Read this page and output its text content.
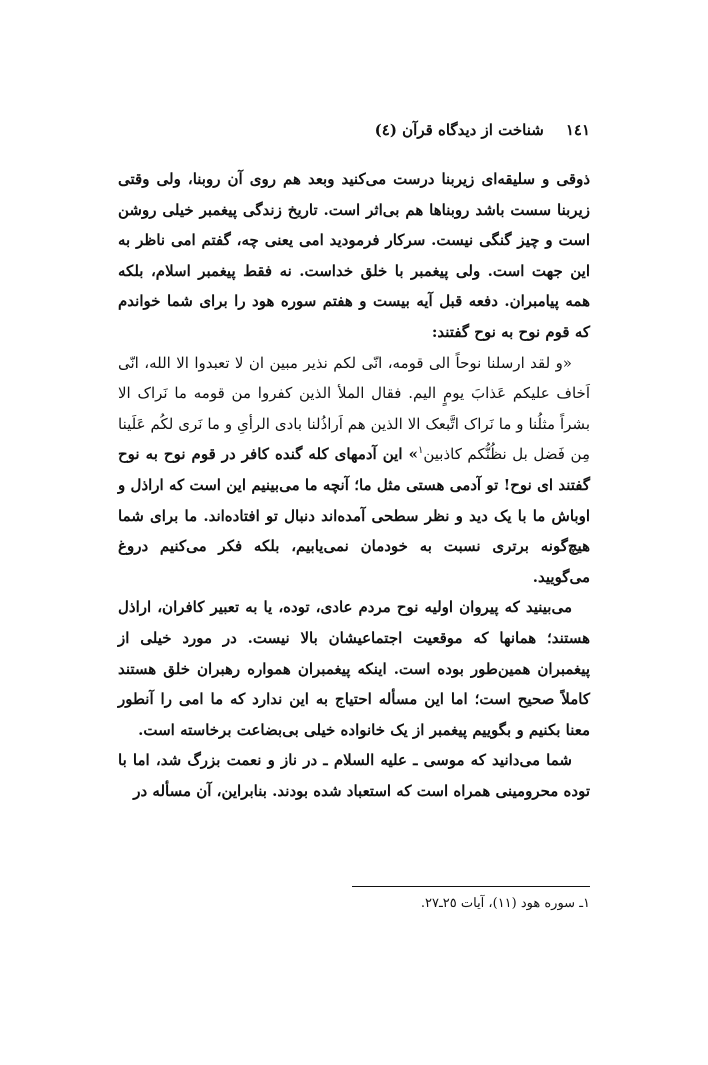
١٤١شناخت از دیدگاه قرآن (٤)

ذوقی و سلیقه‌ای زیربنا درست می‌کنید وبعد هم روی آن روبنا، ولی وقتی زیربنا سست باشد روبناها هم بی‌اثر است. تاریخ زندگی پیغمبر خیلی روشن است و چیز گنگی نیست. سرکار فرمودید امی یعنی چه، گفتم امی ناظر به این جهت است. ولی پیغمبر با خلق خداست. نه فقط پیغمبر اسلام، بلکه همه پیامبران. دفعه قبل آیه بیست و هفتم سوره هود را برای شما خواندم که قوم نوح به نوح گفتند:

«و لقد ارسلنا نوحاً الی قومه، انّی لکم نذیر مبین ان لا تعبدوا الا الله، انّی اَخاف علیکم عَذابَ یومٍ الیم. فقال الملأ الذین کفروا من قومه ما نَراک الا بشراً مثلُنا و ما نَراک اتَّبعک الا الذین هم اَراذُلنا بادی الرأیِ و ما نَری لکُم عَلَینا مِن فَضل بل نظُنُّکم کاذبین$^١$» این آدمهای کله گنده کافر در قوم نوح به نوح گفتند ای نوح! تو آدمی هستی مثل ما؛ آنچه ما می‌بینیم این است که اراذل و اوباش ما با یک دید و نظر سطحی آمده‌اند دنبال تو افتاده‌اند. ما برای شما هیچ‌گونه برتری نسبت به خودمان نمی‌یابیم، بلکه فکر می‌کنیم دروغ می‌گویید.

می‌بینید که پیروان اولیه نوح مردم عادی، توده، یا به تعبیر کافران، اراذل هستند؛ همانها که موقعیت اجتماعیشان بالا نیست. در مورد خیلی از پیغمبران همین‌طور بوده است. اینکه پیغمبران همواره رهبران خلق هستند کاملاً صحیح است؛ اما این مسأله احتیاج به این ندارد که ما امی را آنطور معنا بکنیم و بگوییم پیغمبر از یک خانواده خیلی بی‌بضاعت برخاسته است.

شما می‌دانید که موسی ـ علیه السلام ـ در ناز و نعمت بزرگ شد، اما با توده محرومینی همراه است که استعباد شده بودند. بنابراین، آن مسأله در

١ـ سوره هود (١١)، آیات ٢٥ـ٢٧.
